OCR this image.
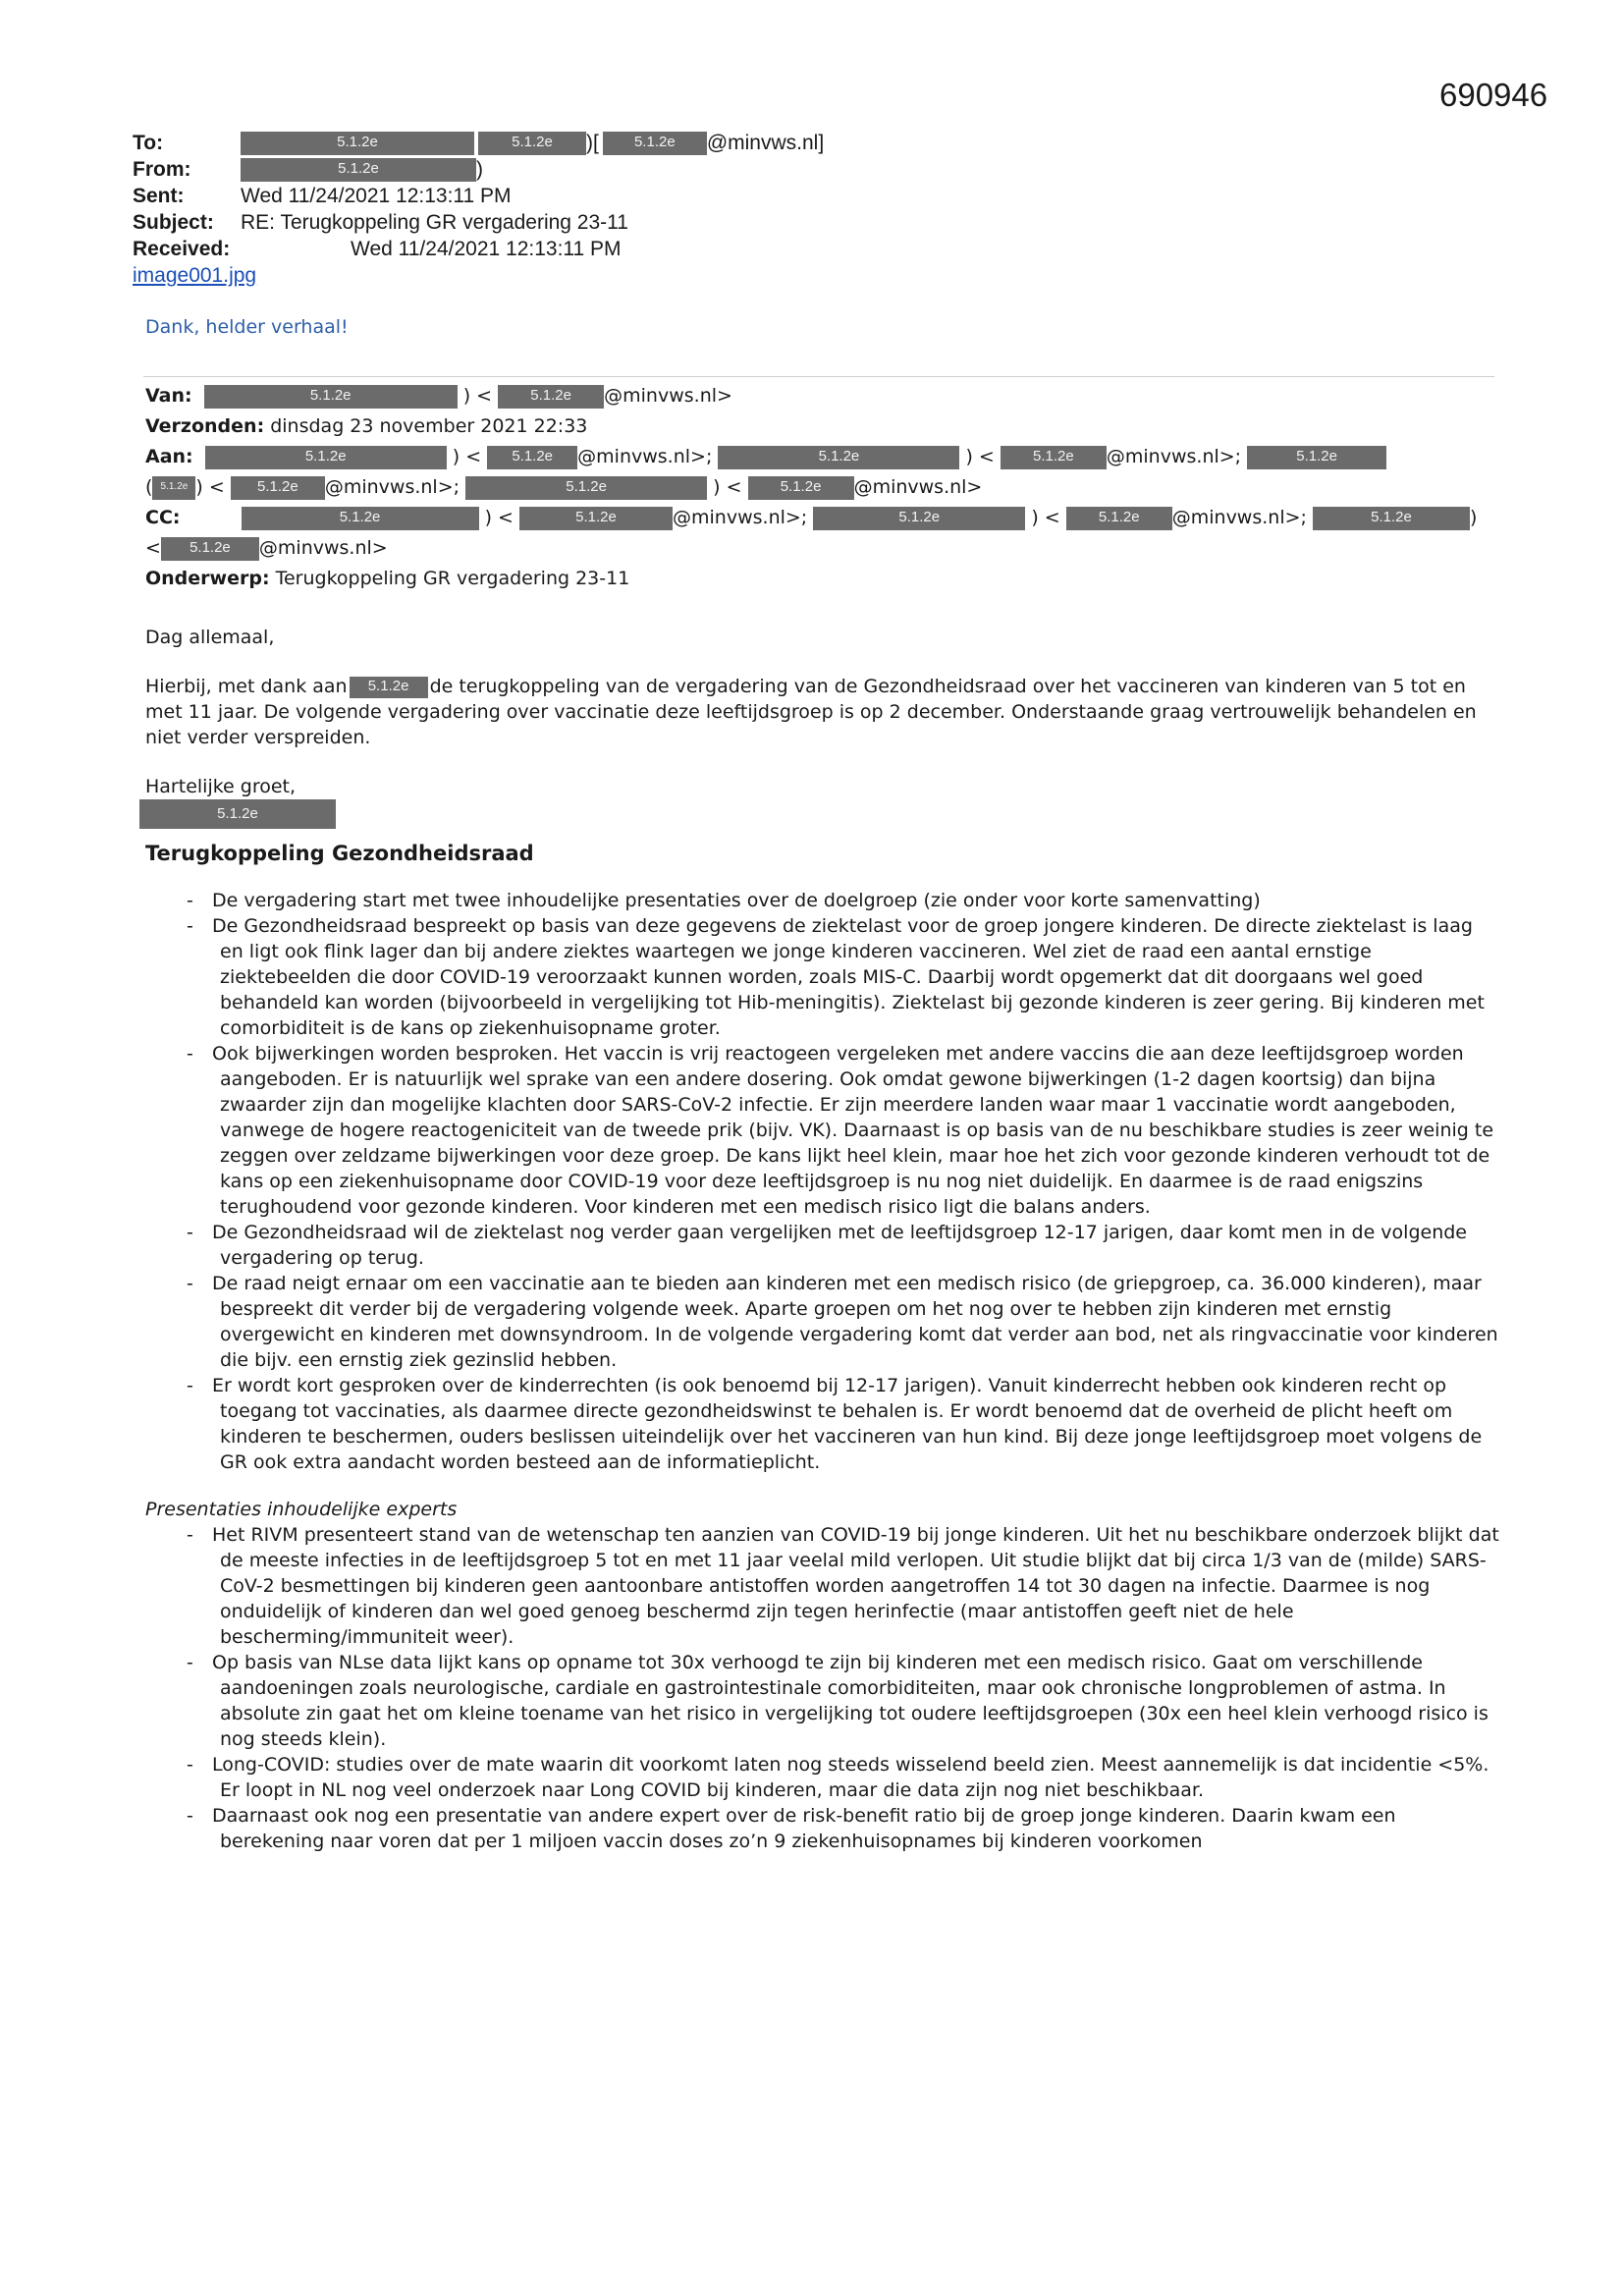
690946
To:	5.1.2e	5.1.2e )[ 5.1.2e @minvws.nl]
From:	5.1.2e	)
Sent:	Wed 11/24/2021 12:13:11 PM
Subject: RE: Terugkoppeling GR vergadering 23-11
Received:	Wed 11/24/2021 12:13:11 PM
image001.jpg
Dank, helder verhaal!
Van:	5.1.2e	) <	5.1.2e @minvws.nl>
Verzonden: dinsdag 23 november 2021 22:33
Aan:	5.1.2e	) < 5.1.2e @minvws.nl>;	5.1.2e	) <	5.1.2e @minvws.nl>;	5.1.2e
( 5.1.2e ) < 5.1.2e @minvws.nl>;	5.1.2e	) <	5.1.2e @minvws.nl>
CC:	5.1.2e	) <	5.1.2e	@minvws.nl>;	5.1.2e	) <	5.1.2e @minvws.nl>;	5.1.2e	)
< 5.1.2e @minvws.nl>
Onderwerp: Terugkoppeling GR vergadering 23-11

Dag allemaal,

Hierbij, met dank aan 5.1.2e de terugkoppeling van de vergadering van de Gezondheidsraad over het vaccineren van kinderen van 5 tot en met 11 jaar. De volgende vergadering over vaccinatie deze leeftijdsgroep is op 2 december. Onderstaande graag vertrouwelijk behandelen en niet verder verspreiden.

Hartelijke groet,

5.1.2e

Terugkoppeling Gezondheidsraad

- De vergadering start met twee inhoudelijke presentaties over de doelgroep (zie onder voor korte samenvatting)
- De Gezondheidsraad bespreekt op basis van deze gegevens de ziektelast voor de groep jongere kinderen. De directe ziektelast is laag en ligt ook flink lager dan bij andere ziektes waartegen we jonge kinderen vaccineren. Wel ziet de raad een aantal ernstige ziektebeelden die door COVID-19 veroorzaakt kunnen worden, zoals MIS-C. Daarbij wordt opgemerkt dat dit doorgaans wel goed behandeld kan worden (bijvoorbeeld in vergelijking tot Hib-meningitis). Ziektelast bij gezonde kinderen is zeer gering. Bij kinderen met comorbiditeit is de kans op ziekenhuisopname groter.
- Ook bijwerkingen worden besproken. Het vaccin is vrij reactogeen vergeleken met andere vaccins die aan deze leeftijdsgroep worden aangeboden. Er is natuurlijk wel sprake van een andere dosering. Ook omdat gewone bijwerkingen (1-2 dagen koortsig) dan bijna zwaarder zijn dan mogelijke klachten door SARS-CoV-2 infectie. Er zijn meerdere landen waar maar 1 vaccinatie wordt aangeboden, vanwege de hogere reactogeniciteit van de tweede prik (bijv. VK). Daarnaast is op basis van de nu beschikbare studies is zeer weinig te zeggen over zeldzame bijwerkingen voor deze groep. De kans lijkt heel klein, maar hoe het zich voor gezonde kinderen verhoudt tot de kans op een ziekenhuisopname door COVID-19 voor deze leeftijdsgroep is nu nog niet duidelijk. En daarmee is de raad enigszins terughoudend voor gezonde kinderen. Voor kinderen met een medisch risico ligt die balans anders.
- De Gezondheidsraad wil de ziektelast nog verder gaan vergelijken met de leeftijdsgroep 12-17 jarigen, daar komt men in de volgende vergadering op terug.
- De raad neigt ernaar om een vaccinatie aan te bieden aan kinderen met een medisch risico (de griepgroep, ca. 36.000 kinderen), maar bespreekt dit verder bij de vergadering volgende week. Aparte groepen om het nog over te hebben zijn kinderen met ernstig overgewicht en kinderen met downsyndroom. In de volgende vergadering komt dat verder aan bod, net als ringvaccinatie voor kinderen die bijv. een ernstig ziek gezinslid hebben.
- Er wordt kort gesproken over de kinderrechten (is ook benoemd bij 12-17 jarigen). Vanuit kinderrecht hebben ook kinderen recht op toegang tot vaccinaties, als daarmee directe gezondheidswinst te behalen is. Er wordt benoemd dat de overheid de plicht heeft om kinderen te beschermen, ouders beslissen uiteindelijk over het vaccineren van hun kind. Bij deze jonge leeftijdsgroep moet volgens de GR ook extra aandacht worden besteed aan de informatieplicht.

Presentaties inhoudelijke experts

- Het RIVM presenteert stand van de wetenschap ten aanzien van COVID-19 bij jonge kinderen. Uit het nu beschikbare onderzoek blijkt dat de meeste infecties in de leeftijdsgroep 5 tot en met 11 jaar veelal mild verlopen. Uit studie blijkt dat bij circa 1/3 van de (milde) SARS-CoV-2 besmettingen bij kinderen geen aantoonbare antistoffen worden aangetroffen 14 tot 30 dagen na infectie. Daarmee is nog onduidelijk of kinderen dan wel goed genoeg beschermd zijn tegen herinfectie (maar antistoffen geeft niet de hele bescherming/immuniteit weer).
- Op basis van NLse data lijkt kans op opname tot 30x verhoogd te zijn bij kinderen met een medisch risico. Gaat om verschillende aandoeningen zoals neurologische, cardiale en gastrointestinale comorbiditeiten, maar ook chronische longproblemen of astma. In absolute zin gaat het om kleine toename van het risico in vergelijking tot oudere leeftijdsgroepen (30x een heel klein verhoogd risico is nog steeds klein).
- Long-COVID: studies over de mate waarin dit voorkomt laten nog steeds wisselend beeld zien. Meest aannemelijk is dat incidentie <5%. Er loopt in NL nog veel onderzoek naar Long COVID bij kinderen, maar die data zijn nog niet beschikbaar.
- Daarnaast ook nog een presentatie van andere expert over de risk-benefit ratio bij de groep jonge kinderen. Daarin kwam een berekening naar voren dat per 1 miljoen vaccin doses zo’n 9 ziekenhuisopnames bij kinderen voorkomen
